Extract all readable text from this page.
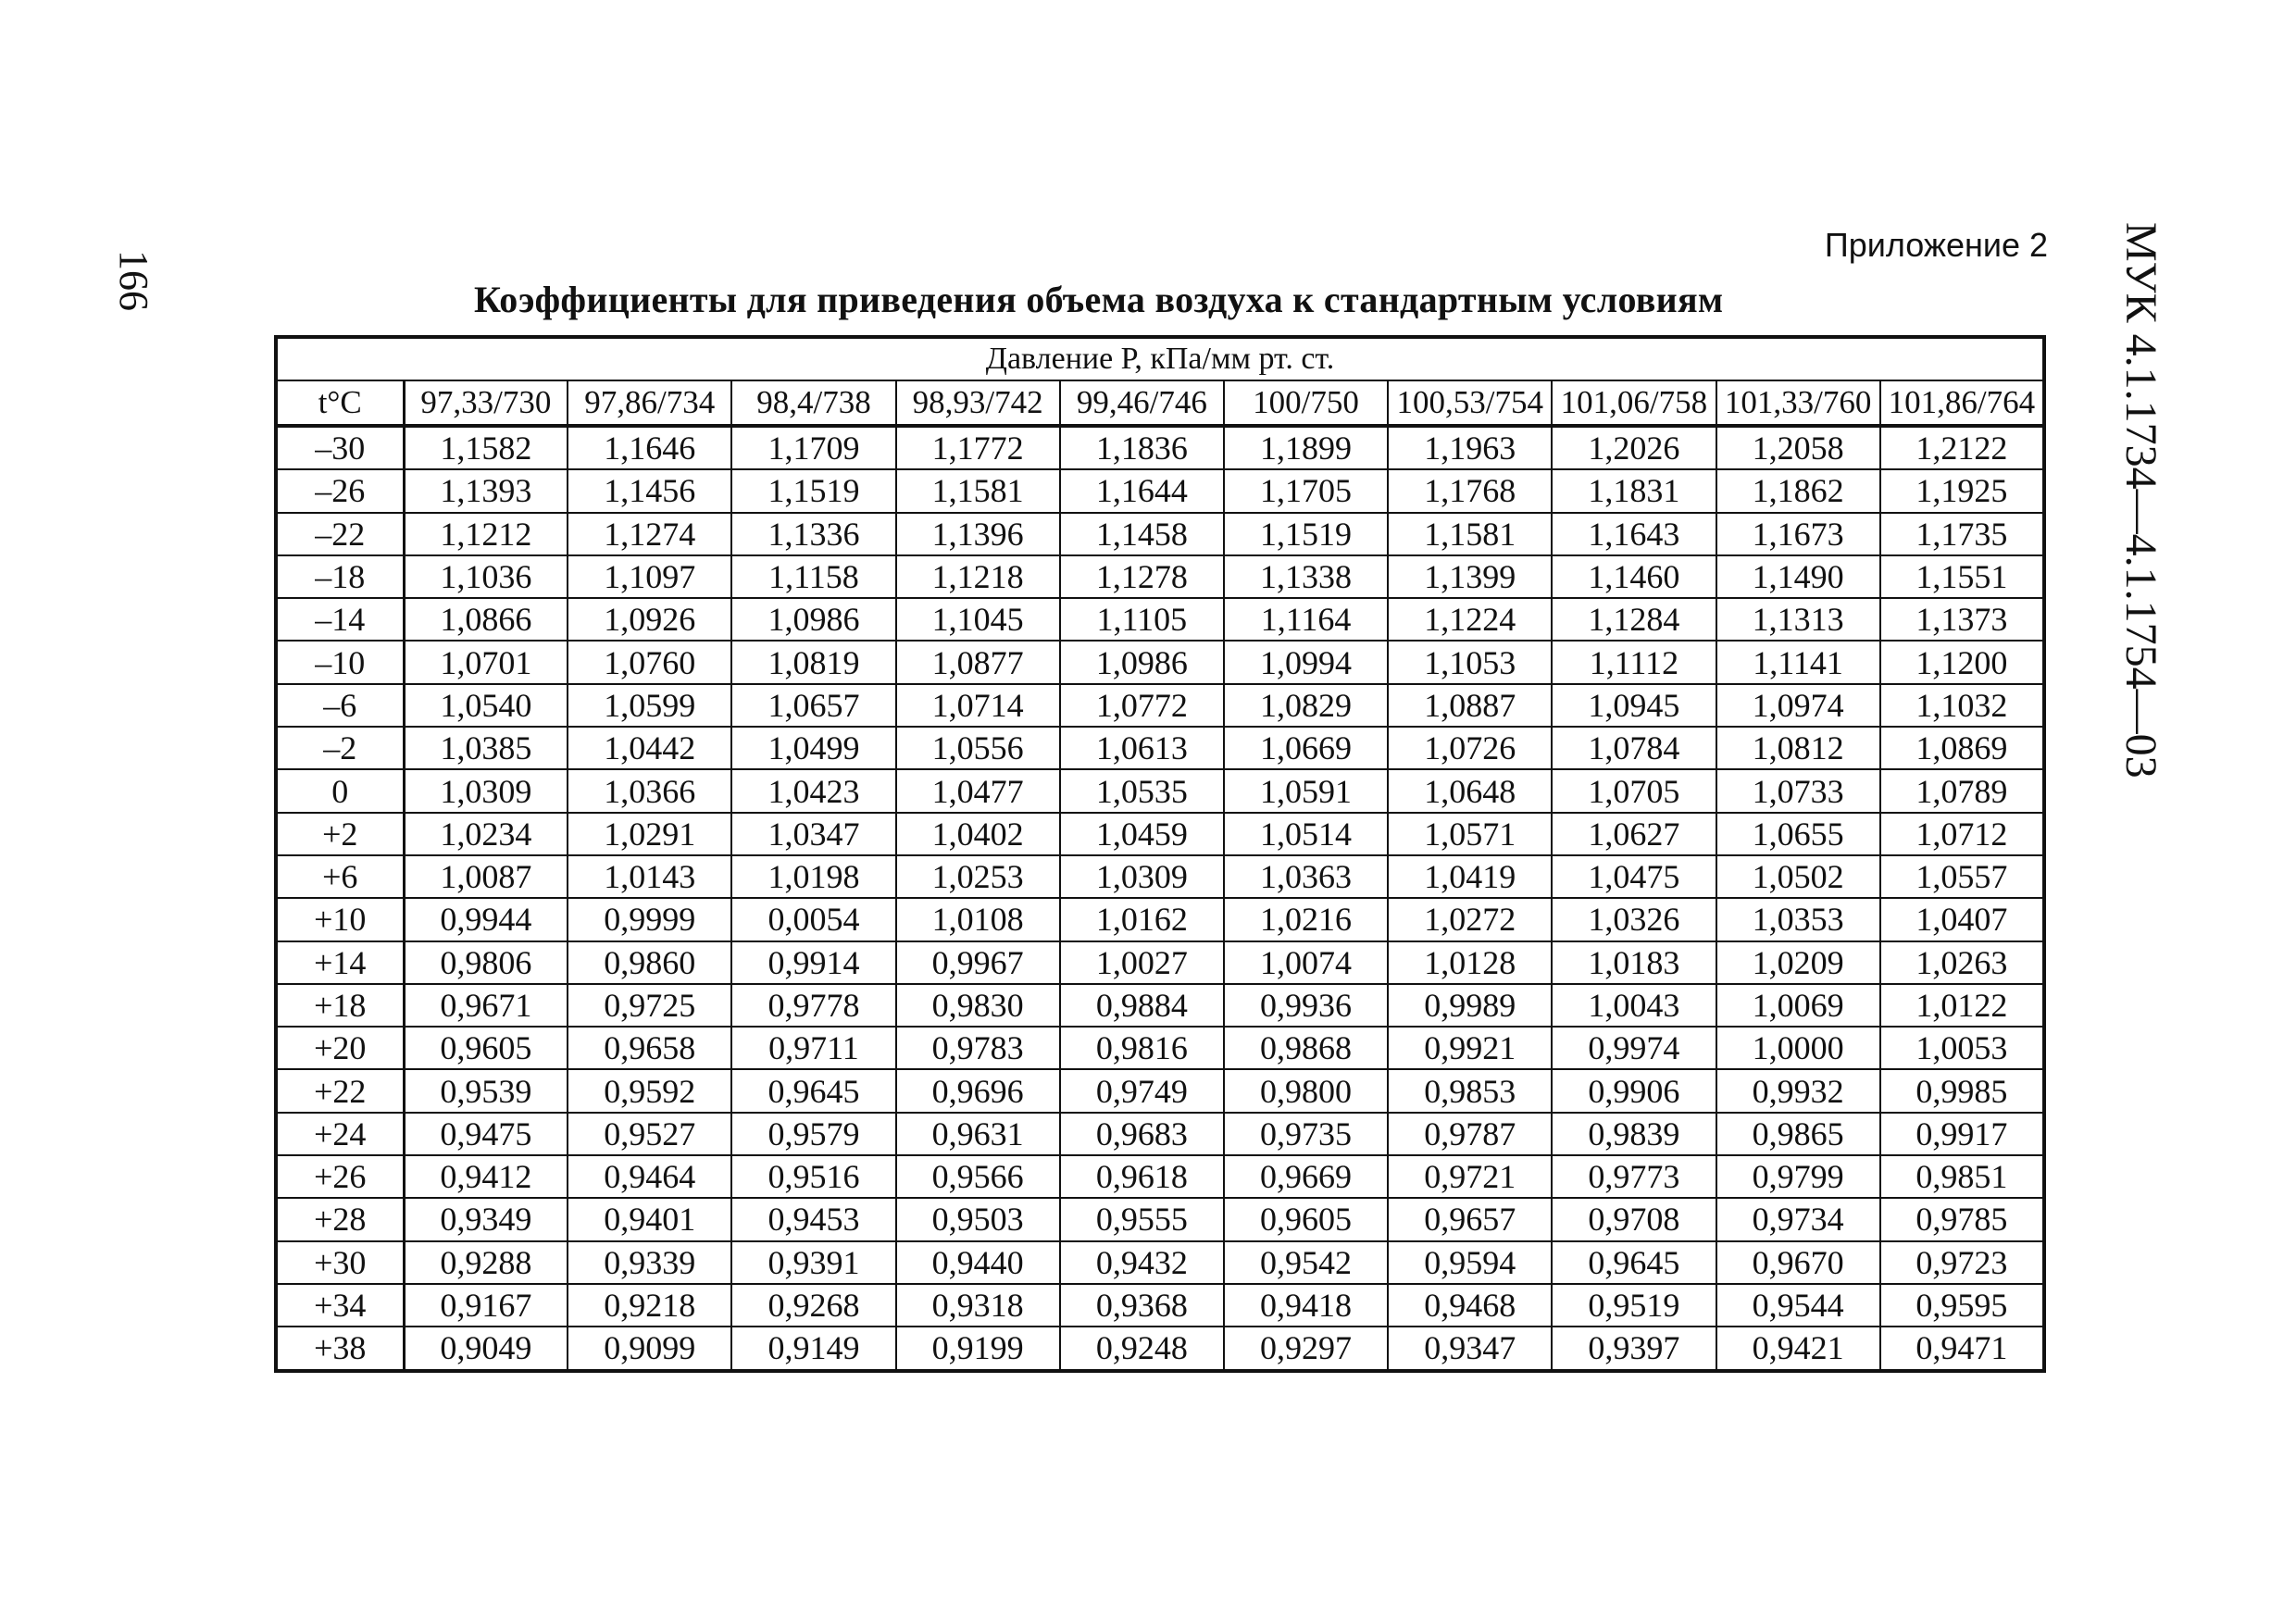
166	МУК 4.1.1734—4.1.1754—03
Приложение 2
Коэффициенты для приведения объема воздуха к стандартным условиям
Давление Р, кПа/мм рт. ст.										
t°C	97,33/730	97,86/734	98,4/738	98,93/742	99,46/746	100/750	100,53/754	101,06/758	101,33/760	101,86/764
–30	1,1582	1,1646	1,1709	1,1772	1,1836	1,1899	1,1963	1,2026	1,2058	1,2122
–26	1,1393	1,1456	1,1519	1,1581	1,1644	1,1705	1,1768	1,1831	1,1862	1,1925
–22	1,1212	1,1274	1,1336	1,1396	1,1458	1,1519	1,1581	1,1643	1,1673	1,1735
–18	1,1036	1,1097	1,1158	1,1218	1,1278	1,1338	1,1399	1,1460	1,1490	1,1551
–14	1,0866	1,0926	1,0986	1,1045	1,1105	1,1164	1,1224	1,1284	1,1313	1,1373
–10	1,0701	1,0760	1,0819	1,0877	1,0986	1,0994	1,1053	1,1112	1,1141	1,1200
–6	1,0540	1,0599	1,0657	1,0714	1,0772	1,0829	1,0887	1,0945	1,0974	1,1032
–2	1,0385	1,0442	1,0499	1,0556	1,0613	1,0669	1,0726	1,0784	1,0812	1,0869
0	1,0309	1,0366	1,0423	1,0477	1,0535	1,0591	1,0648	1,0705	1,0733	1,0789
+2	1,0234	1,0291	1,0347	1,0402	1,0459	1,0514	1,0571	1,0627	1,0655	1,0712
+6	1,0087	1,0143	1,0198	1,0253	1,0309	1,0363	1,0419	1,0475	1,0502	1,0557
+10	0,9944	0,9999	0,0054	1,0108	1,0162	1,0216	1,0272	1,0326	1,0353	1,0407
+14	0,9806	0,9860	0,9914	0,9967	1,0027	1,0074	1,0128	1,0183	1,0209	1,0263
+18	0,9671	0,9725	0,9778	0,9830	0,9884	0,9936	0,9989	1,0043	1,0069	1,0122
+20	0,9605	0,9658	0,9711	0,9783	0,9816	0,9868	0,9921	0,9974	1,0000	1,0053
+22	0,9539	0,9592	0,9645	0,9696	0,9749	0,9800	0,9853	0,9906	0,9932	0,9985
+24	0,9475	0,9527	0,9579	0,9631	0,9683	0,9735	0,9787	0,9839	0,9865	0,9917
+26	0,9412	0,9464	0,9516	0,9566	0,9618	0,9669	0,9721	0,9773	0,9799	0,9851
+28	0,9349	0,9401	0,9453	0,9503	0,9555	0,9605	0,9657	0,9708	0,9734	0,9785
+30	0,9288	0,9339	0,9391	0,9440	0,9432	0,9542	0,9594	0,9645	0,9670	0,9723
+34	0,9167	0,9218	0,9268	0,9318	0,9368	0,9418	0,9468	0,9519	0,9544	0,9595
+38	0,9049	0,9099	0,9149	0,9199	0,9248	0,9297	0,9347	0,9397	0,9421	0,9471
